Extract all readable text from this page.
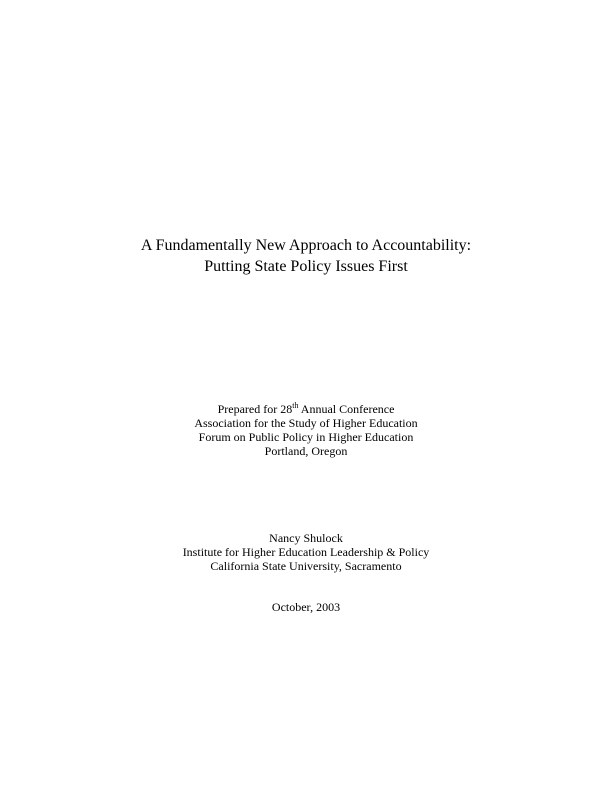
A Fundamentally New Approach to Accountability:

Putting State Policy Issues First

Prepared for 28th Annual Conference

Association for the Study of Higher Education

Forum on Public Policy in Higher Education

Portland, Oregon

Nancy Shulock

Institute for Higher Education Leadership & Policy

California State University, Sacramento

October, 2003
